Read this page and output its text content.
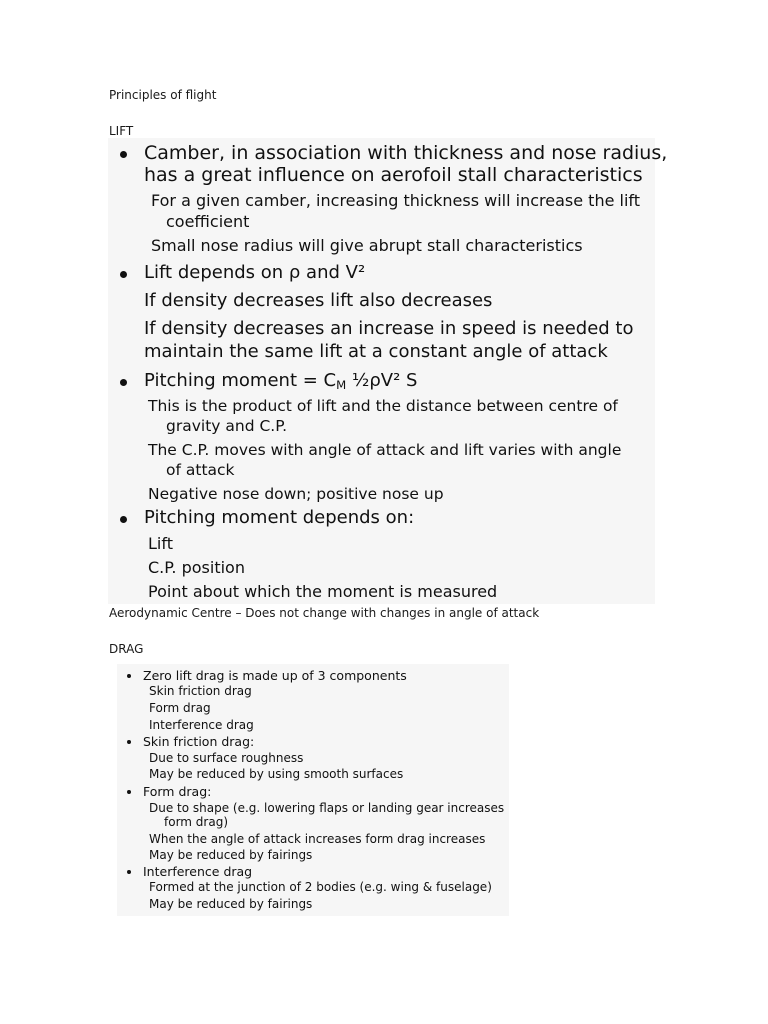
Principles of flight
LIFT
Camber, in association with thickness and nose radius,
has a great influence on aerofoil stall characteristics
For a given camber, increasing thickness will increase the lift
coefficient
Small nose radius will give abrupt stall characteristics
Lift depends on ρ and V²
If density decreases lift also decreases
If density decreases an increase in speed is needed to
maintain the same lift at a constant angle of attack
Pitching moment = $C_M$ ½ρV² S
This is the product of lift and the distance between centre of
gravity and C.P.
The C.P. moves with angle of attack and lift varies with angle
of attack
Negative nose down; positive nose up
Pitching moment depends on:
Lift
C.P. position
Point about which the moment is measured
Aerodynamic Centre – Does not change with changes in angle of attack
DRAG
Zero lift drag is made up of 3 components
Skin friction drag
Form drag
Interference drag
Skin friction drag:
Due to surface roughness
May be reduced by using smooth surfaces
Form drag:
Due to shape (e.g. lowering flaps or landing gear increases
form drag)
When the angle of attack increases form drag increases
May be reduced by fairings
Interference drag
Formed at the junction of 2 bodies (e.g. wing & fuselage)
May be reduced by fairings
